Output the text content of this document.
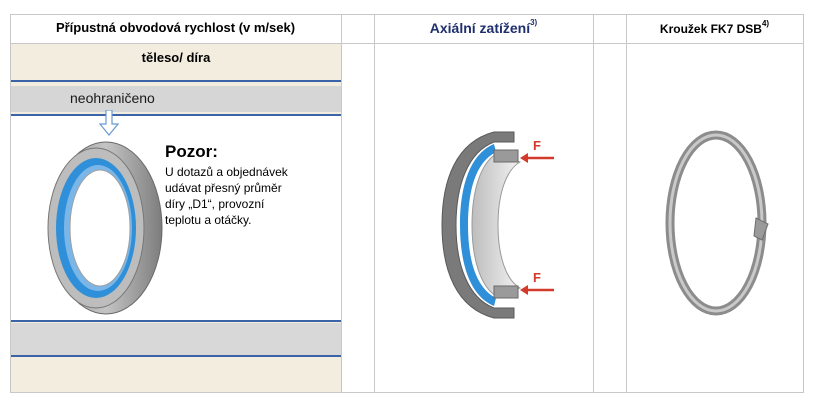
Přípustná obvodová rychlost (v m/sek)	Axiální zatížení$^{3)}$	Kroužek FK7 DSB$^{4)}$
těleso/ díra
neohraničeno
Pozor:
U dotazů a objednávek
udávat přesný průměr
díry „D1“, provozní
teplotu a otáčky.
F
F
